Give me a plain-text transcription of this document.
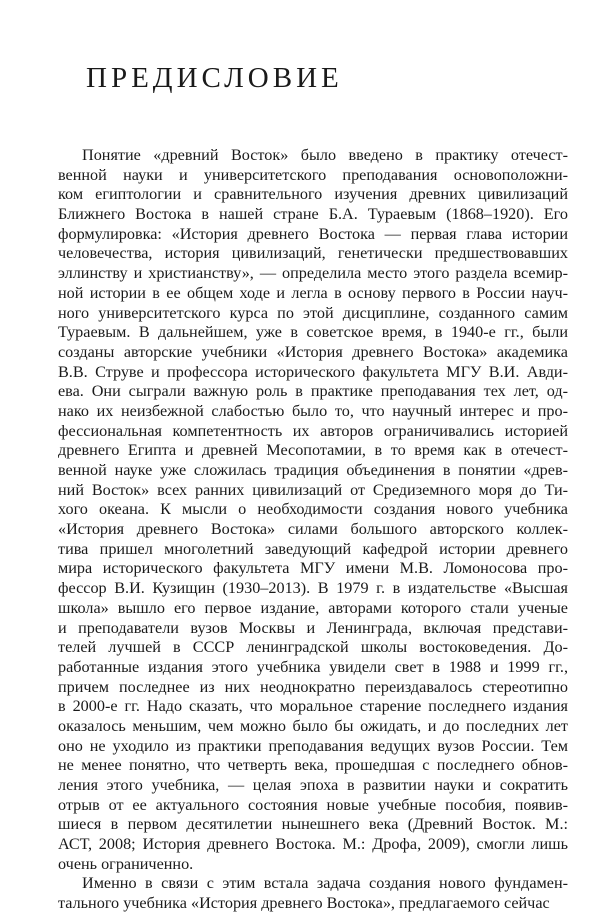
ПРЕДИСЛОВИЕ
Понятие «древний Восток» было введено в практику отечест-
венной науки и университетского преподавания основоположни-
ком египтологии и сравнительного изучения древних цивилизаций
Ближнего Востока в нашей стране Б.А. Тураевым (1868–1920). Его
формулировка: «История древнего Востока — первая глава истории
человечества, история цивилизаций, генетически предшествовавших
эллинству и христианству», — определила место этого раздела всемир-
ной истории в ее общем ходе и легла в основу первого в России науч-
ного университетского курса по этой дисциплине, созданного самим
Тураевым. В дальнейшем, уже в советское время, в 1940-е гг., были
созданы авторские учебники «История древнего Востока» академика
В.В. Струве и профессора исторического факультета МГУ В.И. Авди-
ева. Они сыграли важную роль в практике преподавания тех лет, од-
нако их неизбежной слабостью было то, что научный интерес и про-
фессиональная компетентность их авторов ограничивались историей
древнего Египта и древней Месопотамии, в то время как в отечест-
венной науке уже сложилась традиция объединения в понятии «древ-
ний Восток» всех ранних цивилизаций от Средиземного моря до Ти-
хого океана. К мысли о необходимости создания нового учебника
«История древнего Востока» силами большого авторского коллек-
тива пришел многолетний заведующий кафедрой истории древнего
мира исторического факультета МГУ имени М.В. Ломоносова про-
фессор В.И. Кузищин (1930–2013). В 1979 г. в издательстве «Высшая
школа» вышло его первое издание, авторами которого стали ученые
и преподаватели вузов Москвы и Ленинграда, включая представи-
телей лучшей в СССР ленинградской школы востоковедения. До-
работанные издания этого учебника увидели свет в 1988 и 1999 гг.,
причем последнее из них неоднократно переиздавалось стереотипно
в 2000-е гг. Надо сказать, что моральное старение последнего издания
оказалось меньшим, чем можно было бы ожидать, и до последних лет
оно не уходило из практики преподавания ведущих вузов России. Тем
не менее понятно, что четверть века, прошедшая с последнего обнов-
ления этого учебника, — целая эпоха в развитии науки и сократить
отрыв от ее актуального состояния новые учебные пособия, появив-
шиеся в первом десятилетии нынешнего века (Древний Восток. М.:
АСТ, 2008; История древнего Востока. М.: Дрофа, 2009), смогли лишь
очень ограниченно.
Именно в связи с этим встала задача создания нового фундамен-
тального учебника «История древнего Востока», предлагаемого сейчас
